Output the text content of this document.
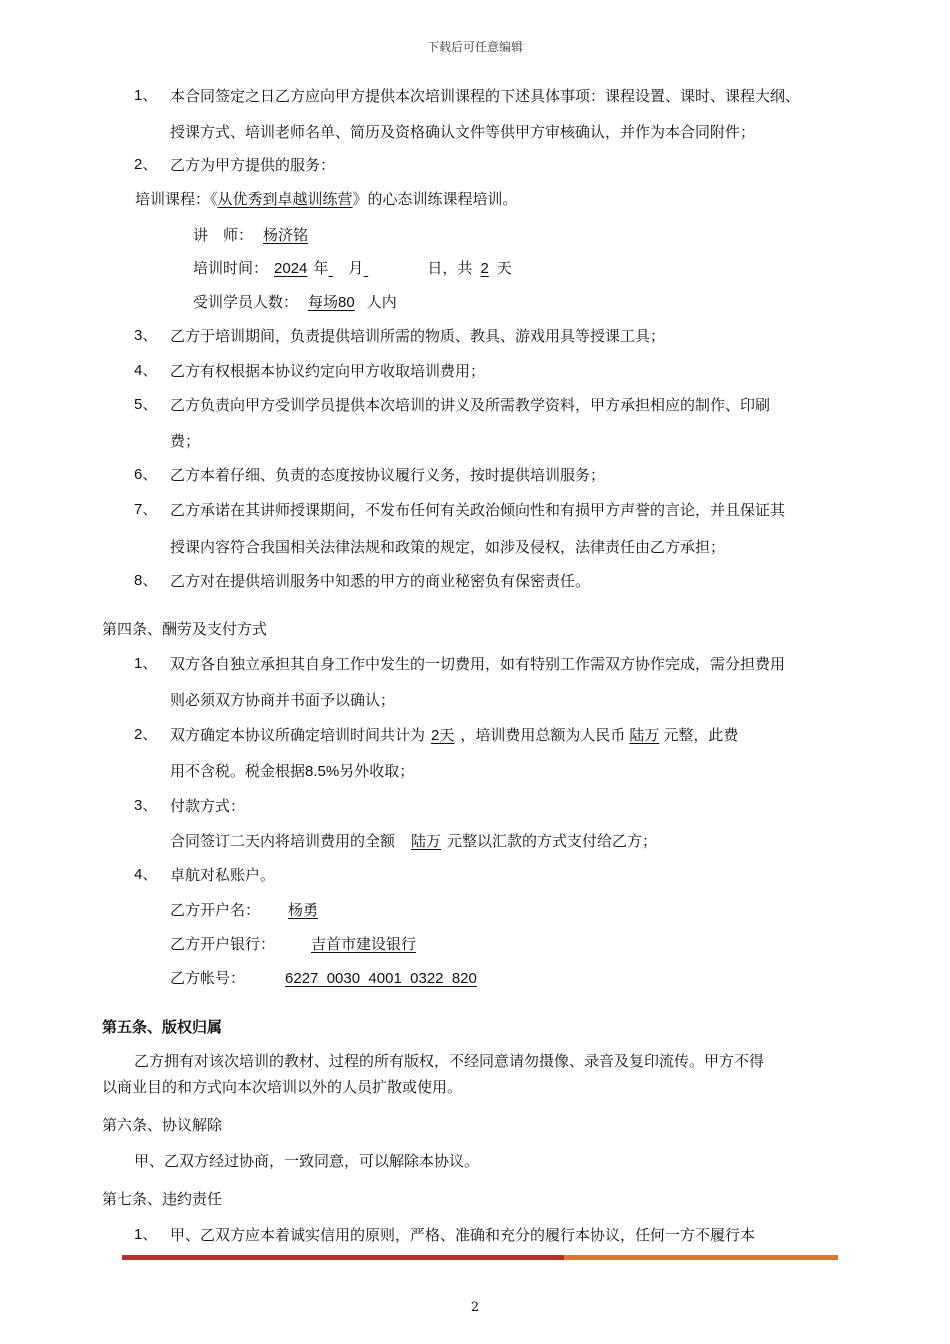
下载后可任意编辑
1、 本合同签定之日乙方应向甲方提供本次培训课程的下述具体事项：课程设置、课时、课程大纲、
授课方式、培训老师名单、简历及资格确认文件等供甲方审核确认，并作为本合同附件；
2、 乙方为甲方提供的服务：
培训课程：《从优秀到卓越训练营》的心态训练课程培训。
讲　师： 杨济铭
培训时间： 2024 年 月	日，共 2 天
受训学员人数： 每场80 人内
3、 乙方于培训期间，负责提供培训所需的物质、教具、游戏用具等授课工具；
4、 乙方有权根据本协议约定向甲方收取培训费用；
5、 乙方负责向甲方受训学员提供本次培训的讲义及所需教学资料，甲方承担相应的制作、印刷
费；
6、 乙方本着仔细、负责的态度按协议履行义务，按时提供培训服务；
7、 乙方承诺在其讲师授课期间，不发布任何有关政治倾向性和有损甲方声誉的言论，并且保证其
授课内容符合我国相关法律法规和政策的规定，如涉及侵权，法律责任由乙方承担；
8、 乙方对在提供培训服务中知悉的甲方的商业秘密负有保密责任。
第四条、酬劳及支付方式
1、 双方各自独立承担其自身工作中发生的一切费用，如有特别工作需双方协作完成，需分担费用
则必须双方协商并书面予以确认；
2、 双方确定本协议所确定培训时间共计为 2天 ，培训费用总额为人民币 陆万 元整，此费
用不含税。税金根据8.5%另外收取；
3、 付款方式：
合同签订二天内将培训费用的全额 陆万 元整以汇款的方式支付给乙方；
4、 卓航对私账户。
乙方开户名： 杨勇
乙方开户银行： 吉首市建设银行
乙方帐号：	6227  0030  4001  0322  820
第五条、版权归属
乙方拥有对该次培训的教材、过程的所有版权，不经同意请勿摄像、录音及复印流传。甲方不得
以商业目的和方式向本次培训以外的人员扩散或使用。
第六条、协议解除
甲、乙双方经过协商，一致同意，可以解除本协议。
第七条、违约责任
1、 甲、乙双方应本着诚实信用的原则，严格、准确和充分的履行本协议，任何一方不履行本
2
